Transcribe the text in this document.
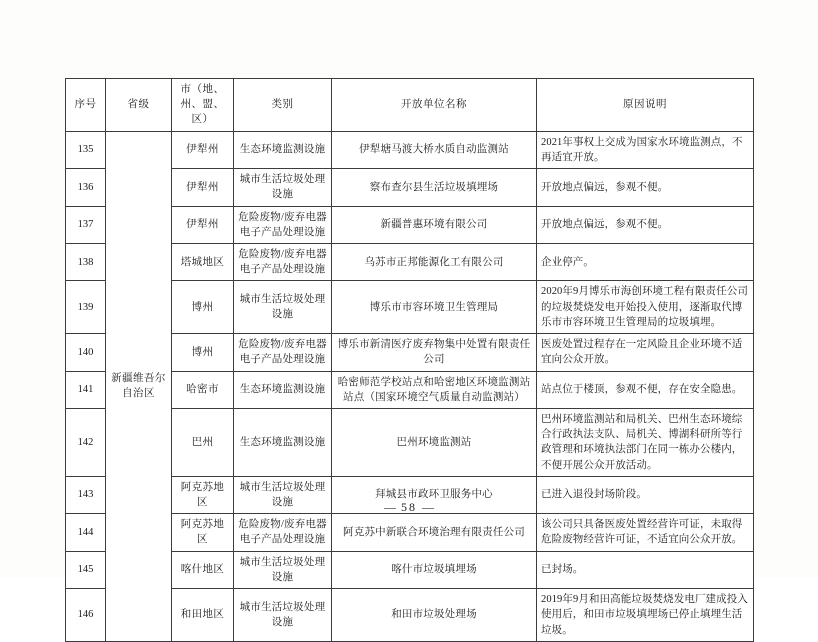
序号	省级	市（地、州、盟、区）	类别	开放单位名称	原因说明
135	新疆维吾尔自治区	伊犁州	生态环境监测设施	伊犁塘马渡大桥水质自动监测站	2021年事权上交成为国家水环境监测点，不再适宜开放。
136		伊犁州	城市生活垃圾处理设施	察布查尔县生活垃圾填埋场	开放地点偏远，参观不便。
137		伊犁州	危险废物/废弃电器电子产品处理设施	新疆普惠环境有限公司	开放地点偏远，参观不便。
138		塔城地区	危险废物/废弃电器电子产品处理设施	乌苏市正邦能源化工有限公司	企业停产。
139		博州	城市生活垃圾处理设施	博乐市市容环境卫生管理局	2020年9月博乐市海创环境工程有限责任公司的垃圾焚烧发电开始投入使用，逐渐取代博乐市市容环境卫生管理局的垃圾填埋。
140		博州	危险废物/废弃电器电子产品处理设施	博乐市新清医疗废弃物集中处置有限责任公司	医废处置过程存在一定风险且企业环境不适宜向公众开放。
141		哈密市	生态环境监测设施	哈密师范学校站点和哈密地区环境监测站站点（国家环境空气质量自动监测站）	站点位于楼顶，参观不便，存在安全隐患。
142		巴州	生态环境监测设施	巴州环境监测站	巴州环境监测站和局机关、巴州生态环境综合行政执法支队、局机关、博湖科研所等行政管理和环境执法部门在同一栋办公楼内，不便开展公众开放活动。
143		阿克苏地区	城市生活垃圾处理设施	拜城县市政环卫服务中心	已进入退役封场阶段。
144		阿克苏地区	危险废物/废弃电器电子产品处理设施	阿克苏中新联合环境治理有限责任公司	该公司只具备医废处置经营许可证，未取得危险废物经营许可证，不适宜向公众开放。
145		喀什地区	城市生活垃圾处理设施	喀什市垃圾填埋场	已封场。
146		和田地区	城市生活垃圾处理设施	和田市垃圾处理场	2019年9月和田高能垃圾焚烧发电厂建成投入使用后，和田市垃圾填埋场已停止填埋生活垃圾。
— 58 —
